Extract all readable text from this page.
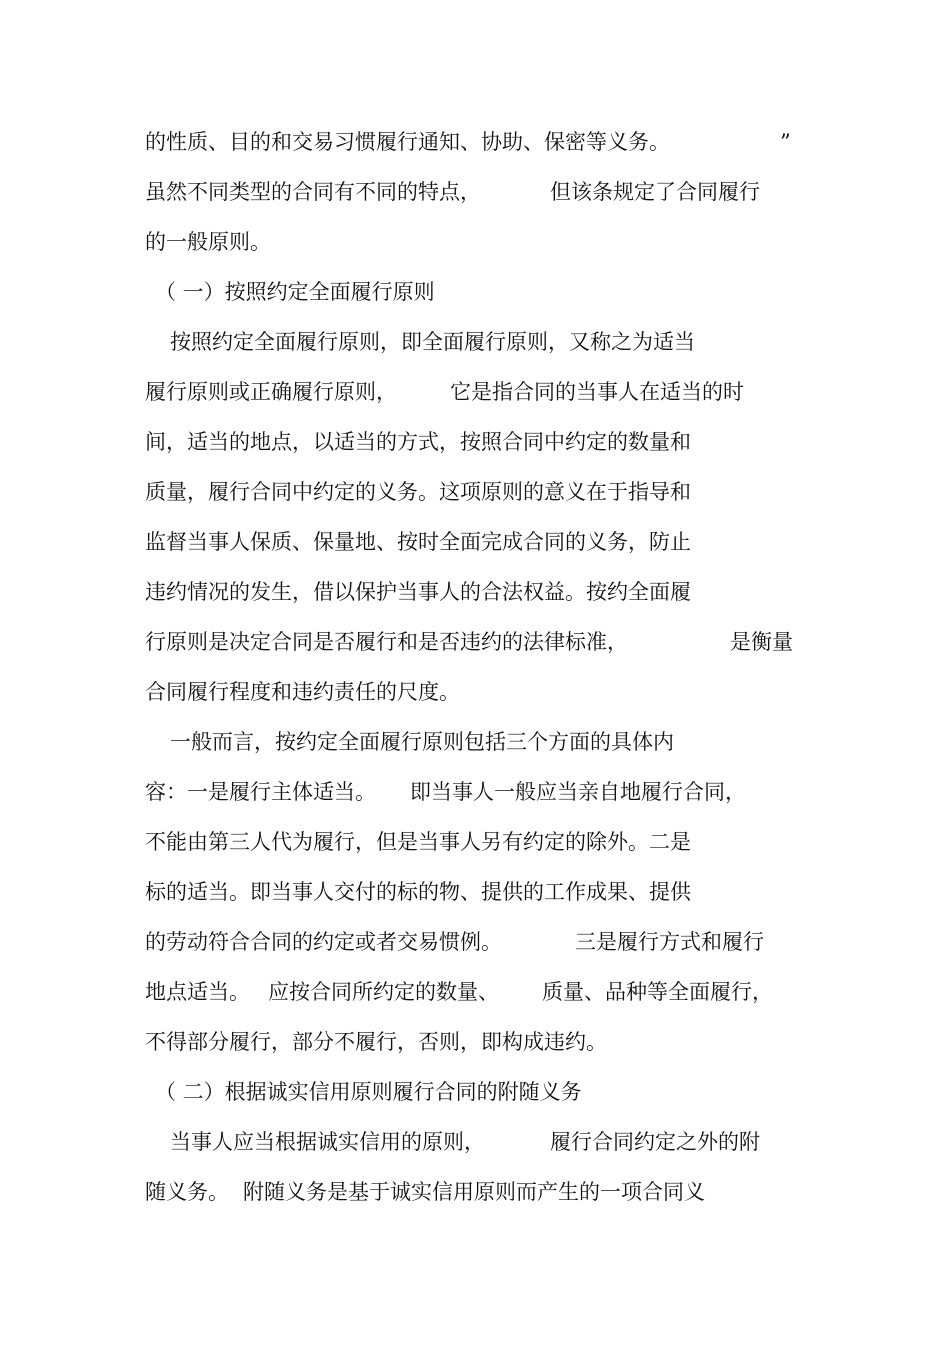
的性质、目的和交易习惯履行通知、协助、保密等义务。	”
虽然不同类型的合同有不同的特点，	但该条规定了合同履行
的一般原则。
（ 一）按照约定全面履行原则
按照约定全面履行原则，即全面履行原则，又称之为适当
履行原则或正确履行原则，	它是指合同的当事人在适当的时
间，适当的地点，以适当的方式，按照合同中约定的数量和
质量，履行合同中约定的义务。这项原则的意义在于指导和
监督当事人保质、保量地、按时全面完成合同的义务，防止
违约情况的发生，借以保护当事人的合法权益。按约全面履
行原则是决定合同是否履行和是否违约的法律标准，	是衡量
合同履行程度和违约责任的尺度。
一般而言，按约定全面履行原则包括三个方面的具体内
容：一是履行主体适当。 即当事人一般应当亲自地履行合同，
不能由第三人代为履行，但是当事人另有约定的除外。二是
标的适当。即当事人交付的标的物、提供的工作成果、提供
的劳动符合合同的约定或者交易惯例。	三是履行方式和履行
地点适当。 应按合同所约定的数量、 质量、品种等全面履行，
不得部分履行，部分不履行，否则，即构成违约。
（ 二）根据诚实信用原则履行合同的附随义务
当事人应当根据诚实信用的原则，	履行合同约定之外的附
随义务。 附随义务是基于诚实信用原则而产生的一项合同义
